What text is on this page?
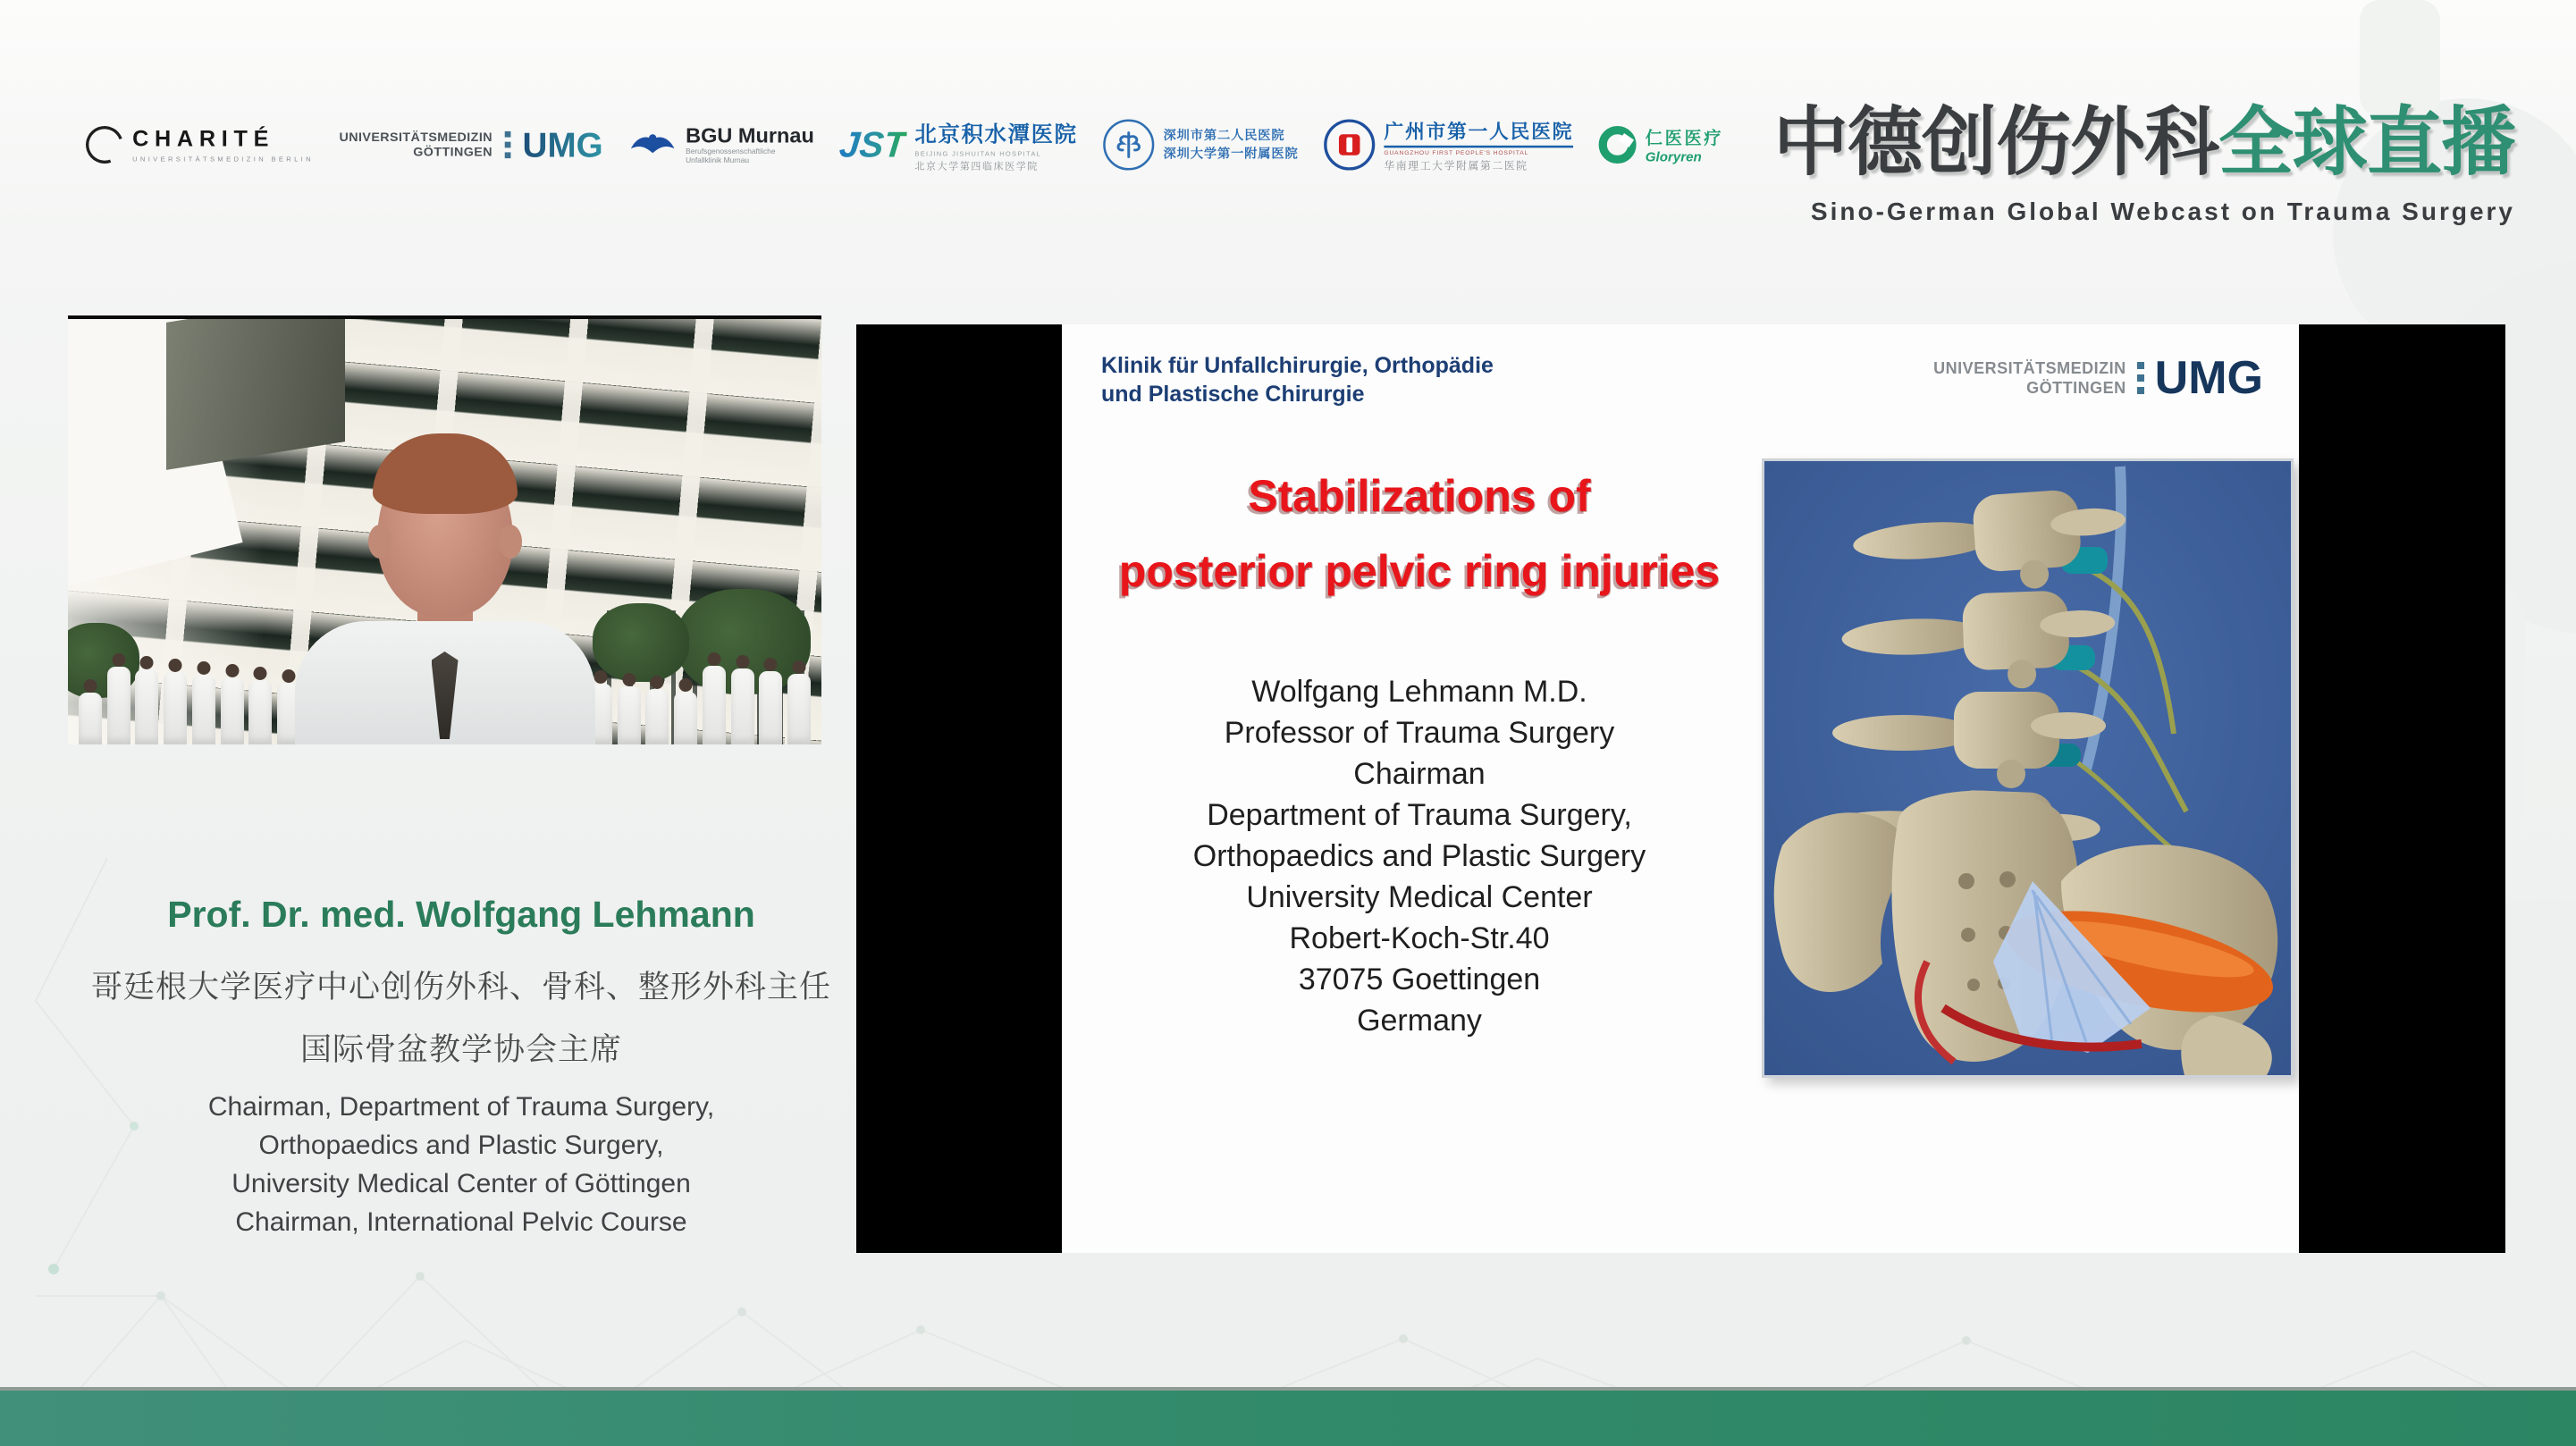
CHARITÉ
UNIVERSITÄTSMEDIZIN BERLIN
UNIVERSITÄTSMEDIZIN
GÖTTINGEN UMG	BGU Murnau
Berufsgenossenschaftliche
Unfallklinik Murnau	JST 北京积水潭医院
BEIJING JISHUITAN HOSPITAL
北京大学第四临床医学院
深圳市第二人民医院
深圳大学第一附属医院
广州市第一人民医院
GUANGZHOU FIRST PEOPLE'S HOSPITAL
华南理工大学附属第二医院
仁医医疗
Gloryren 中德创伤外科全球直播
Sino-German Global Webcast on Trauma Surgery
Prof. Dr. med. Wolfgang Lehmann
哥廷根大学医疗中心创伤外科、骨科、整形外科主任
国际骨盆教学协会主席
Chairman, Department of Trauma Surgery,
Orthopaedics and Plastic Surgery,
University Medical Center of Göttingen
Chairman, International Pelvic Course
Klinik für Unfallchirurgie, Orthopädie
und Plastische Chirurgie
UNIVERSITÄTSMEDIZIN
GÖTTINGEN UMG
Stabilizations of
posterior pelvic ring injuries
Wolfgang Lehmann M.D.
Professor of Trauma Surgery
Chairman
Department of Trauma Surgery,
Orthopaedics and Plastic Surgery
University Medical Center
Robert-Koch-Str.40
37075 Goettingen
Germany
